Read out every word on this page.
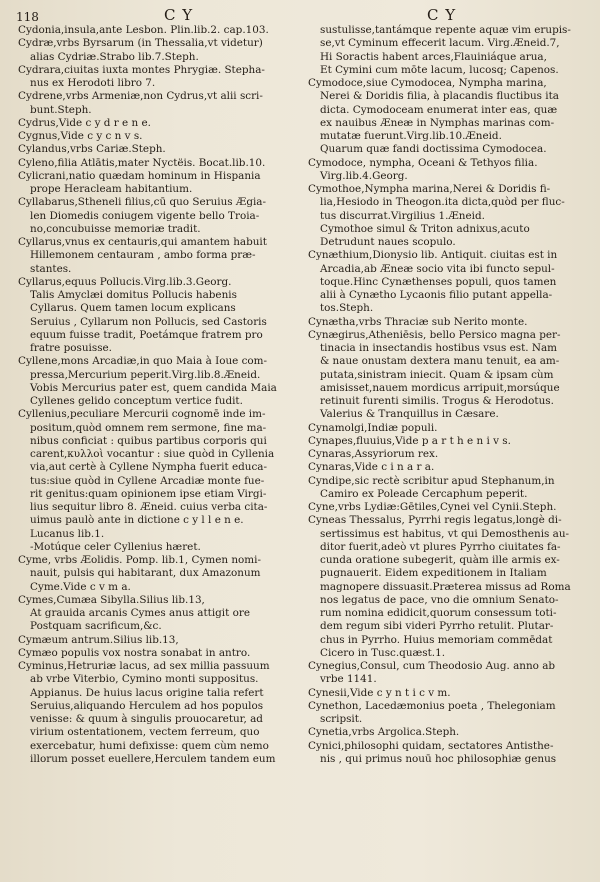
118	C Y	C Y
Cydonia,insula,ante Lesbon. Plin.lib.2. cap.103.
Cydræ,vrbs Byrsarum (in Thessalia,vt videtur)
alias Cydriæ.Strabo lib.7.Steph.
Cydrara,ciuitas iuxta montes Phrygiæ. Stepha-
nus ex Herodoti libro 7.
Cydrene,vrbs Armeniæ,non Cydrus,vt alii scri-
bunt.Steph.
Cydrus,Vide c y d r e n e.
Cygnus,Vide c y c n v s.
Cylandus,vrbs Cariæ.Steph.
Cyleno,filia Atlātis,mater Nyctëis. Bocat.lib.10.
Cylicrani,natio quædam hominum in Hispania
prope Heracleam habitantium.
Cyllabarus,Stheneli filius,cū quo Seruius Ægia-
len Diomedis coniugem vigente bello Troia-
no,concubuisse memoriæ tradit.
Cyllarus,vnus ex centauris,qui amantem habuit
Hillemonem centauram , ambo forma præ-
stantes.
Cyllarus,equus Pollucis.Virg.lib.3.Georg.
Talis Amyclæi domitus Pollucis habenis
Cyllarus. Quem tamen locum explicans
Seruius , Cyllarum non Pollucis, sed Castoris
equum fuisse tradit, Poetámque fratrem pro
fratre posuisse.
Cyllene,mons Arcadiæ,in quo Maia à Ioue com-
pressa,Mercurium peperit.Virg.lib.8.Æneid.
Vobis Mercurius pater est, quem candida Maia
Cyllenes gelido conceptum vertice fudit.
Cyllenius,peculiare Mercurii cognomē inde im-
positum,quòd omnem rem sermone, fine ma-
nibus conficiat : quibus partibus corporis qui
carent,κυλλοὶ vocantur : siue quòd in Cyllenia
via,aut certè à Cyllene Nympha fuerit educa-
tus:siue quòd in Cyllene Arcadiæ monte fue-
rit genitus:quam opinionem ipse etiam Virgi-
lius sequitur libro 8. Æneid. cuius verba cita-
uimus paulò ante in dictione c y l l e n e.
Lucanus lib.1.
-Motúque celer Cyllenius hæret.
Cyme, vrbs Æolidis. Pomp. lib.1, Cymen nomi-
nauit, pulsis qui habitarant, dux Amazonum
Cyme.Vide c v m a.
Cymes,Cumæa Sibylla.Silius lib.13,
At grauida arcanis Cymes anus attigit ore
Postquam sacrificum,&c.
Cymæum antrum.Silius lib.13,
Cymæo populis vox nostra sonabat in antro.
Cyminus,Hetruriæ lacus, ad sex millia passuum
ab vrbe Viterbio, Cymino monti suppositus.
Appianus. De huius lacus origine talia refert
Seruius,aliquando Herculem ad hos populos
venisse: & quum à singulis prouocaretur, ad
virium ostentationem, vectem ferreum, quo
exercebatur, humi defixisse: quem cùm nemo
illorum posset euellere,Herculem tandem eum
sustulisse,tantámque repente aquæ vim erupis-
se,vt Cyminum effecerit lacum. Virg.Æneid.7,
Hi Soractis habent arces,Flauiniáque arua,
Et Cymini cum mōte lacum, lucosq; Capenos.
Cymodoce,siue Cymodocea, Nympha marina,
Nerei & Doridis filia, à placandis fluctibus ita
dicta. Cymodoceam enumerat inter eas, quæ
ex nauibus Æneæ in Nymphas marinas com-
mutatæ fuerunt.Virg.lib.10.Æneid.
Quarum quæ fandi doctissima Cymodocea.
Cymodoce, nympha, Oceani & Tethyos filia.
Virg.lib.4.Georg.
Cymothoe,Nympha marina,Nerei & Doridis fi-
lia,Hesiodo in Theogon.ita dicta,quòd per fluc-
tus discurrat.Virgilius 1.Æneid.
Cymothoe simul & Triton adnixus,acuto
Detrudunt naues scopulo.
Cynæthium,Dionysio lib. Antiquit. ciuitas est in
Arcadia,ab Æneæ socio vita ibi functo sepul-
toque.Hinc Cynæthenses populi, quos tamen
alii à Cynætho Lycaonis filio putant appella-
tos.Steph.
Cynætha,vrbs Thraciæ sub Nerito monte.
Cynægirus,Atheniēsis, bello Persico magna per-
tinacia in insectandis hostibus vsus est. Nam
& naue onustam dextera manu tenuit, ea am-
putata,sinistram iniecit. Quam & ipsam cùm
amisisset,nauem mordicus arripuit,morsúque
retinuit furenti similis. Trogus & Herodotus.
Valerius & Tranquillus in Cæsare.
Cynamolgi,Indiæ populi.
Cynapes,fluuius,Vide p a r t h e n i v s.
Cynaras,Assyriorum rex.
Cynaras,Vide c i n a r a.
Cyndipe,sic rectè scribitur apud Stephanum,in
Camiro ex Poleade Cercaphum peperit.
Cyne,vrbs Lydiæ:Gētiles,Cynei vel Cynii.Steph.
Cyneas Thessalus, Pyrrhi regis legatus,longè di-
sertissimus est habitus, vt qui Demosthenis au-
ditor fuerit,adeò vt plures Pyrrho ciuitates fa-
cunda oratione subegerit, quàm ille armis ex-
pugnauerit. Eidem expeditionem in Italiam
magnopere dissuasit.Præterea missus ad Roma
nos legatus de pace, vno die omnium Senato-
rum nomina edidicit,quorum consessum toti-
dem regum sibi videri Pyrrho retulit. Plutar-
chus in Pyrrho. Huius memoriam commēdat
Cicero in Tusc.quæst.1.
Cynegius,Consul, cum Theodosio Aug. anno ab
vrbe 1141.
Cynesii,Vide c y n t i c v m.
Cynethon, Lacedæmonius poeta , Thelegoniam
scripsit.
Cynetia,vrbs Argolica.Steph.
Cynici,philosophi quidam, sectatores Antisthe-
nis , qui primus nouū hoc philosophiæ genus
